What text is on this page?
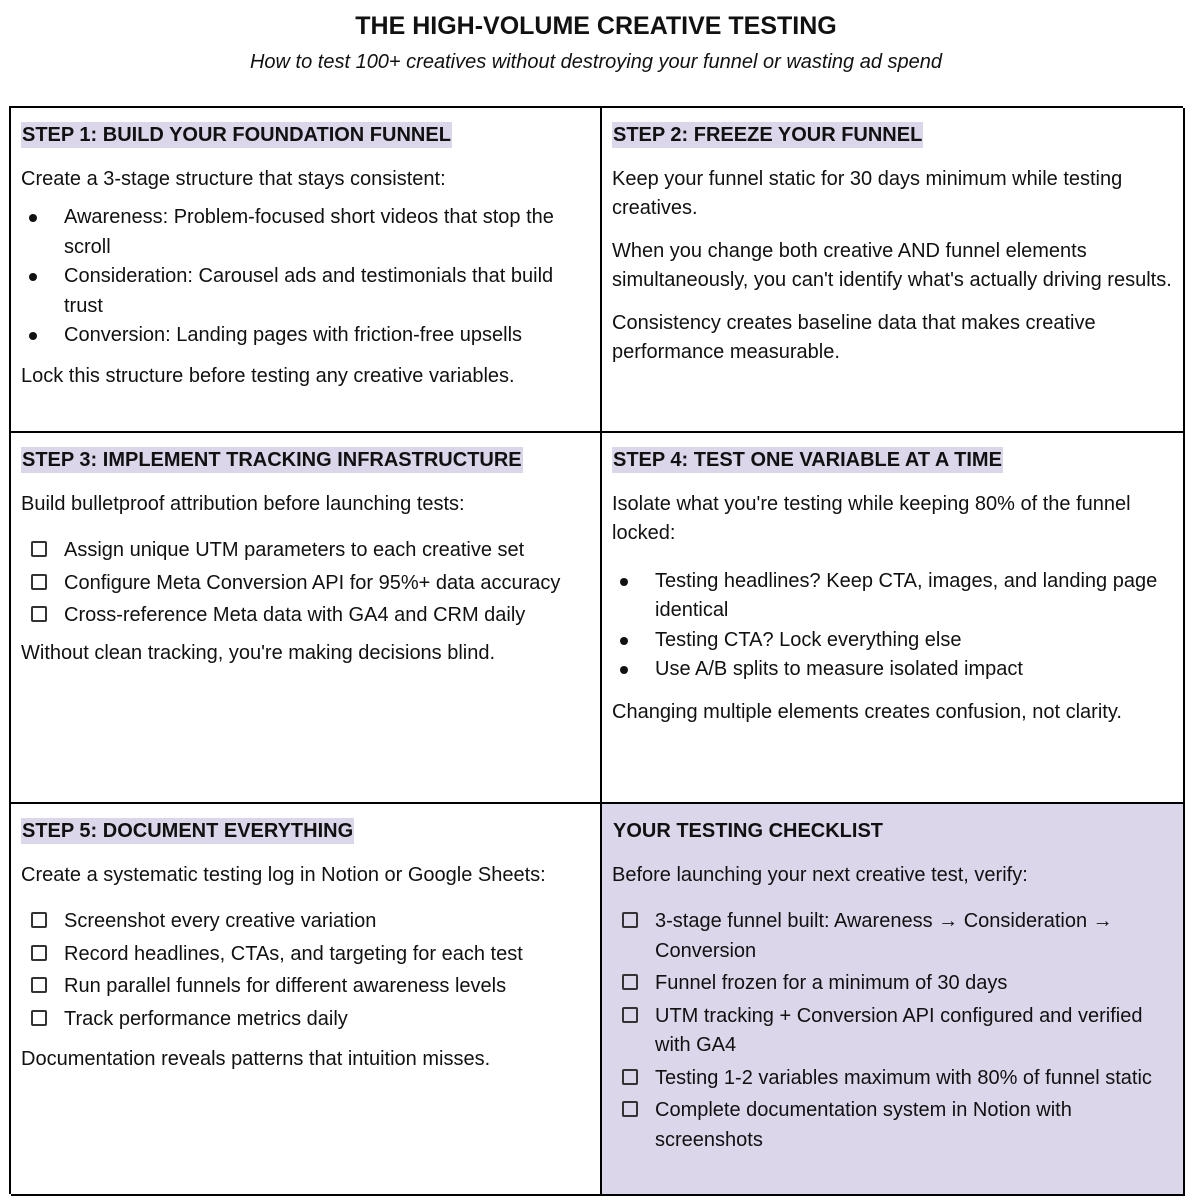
THE HIGH-VOLUME CREATIVE TESTING
How to test 100+ creatives without destroying your funnel or wasting ad spend
STEP 1: BUILD YOUR FOUNDATION FUNNEL

Create a 3-stage structure that stays consistent:

Awareness: Problem-focused short videos that stop the scroll
Consideration: Carousel ads and testimonials that build trust
Conversion: Landing pages with friction-free upsells

Lock this structure before testing any creative variables.

STEP 2: FREEZE YOUR FUNNEL

Keep your funnel static for 30 days minimum while testing creatives.

When you change both creative AND funnel elements simultaneously, you can't identify what's actually driving results.

Consistency creates baseline data that makes creative performance measurable.

STEP 3: IMPLEMENT TRACKING INFRASTRUCTURE

Build bulletproof attribution before launching tests:

Assign unique UTM parameters to each creative set
Configure Meta Conversion API for 95%+ data accuracy
Cross-reference Meta data with GA4 and CRM daily

Without clean tracking, you're making decisions blind.

STEP 4: TEST ONE VARIABLE AT A TIME

Isolate what you're testing while keeping 80% of the funnel locked:

Testing headlines? Keep CTA, images, and landing page identical
Testing CTA? Lock everything else
Use A/B splits to measure isolated impact

Changing multiple elements creates confusion, not clarity.

STEP 5: DOCUMENT EVERYTHING

Create a systematic testing log in Notion or Google Sheets:

Screenshot every creative variation
Record headlines, CTAs, and targeting for each test
Run parallel funnels for different awareness levels
Track performance metrics daily

Documentation reveals patterns that intuition misses.

YOUR TESTING CHECKLIST

Before launching your next creative test, verify:

3-stage funnel built: Awareness → Consideration → Conversion
Funnel frozen for a minimum of 30 days
UTM tracking + Conversion API configured and verified with GA4
Testing 1-2 variables maximum with 80% of funnel static
Complete documentation system in Notion with screenshots
